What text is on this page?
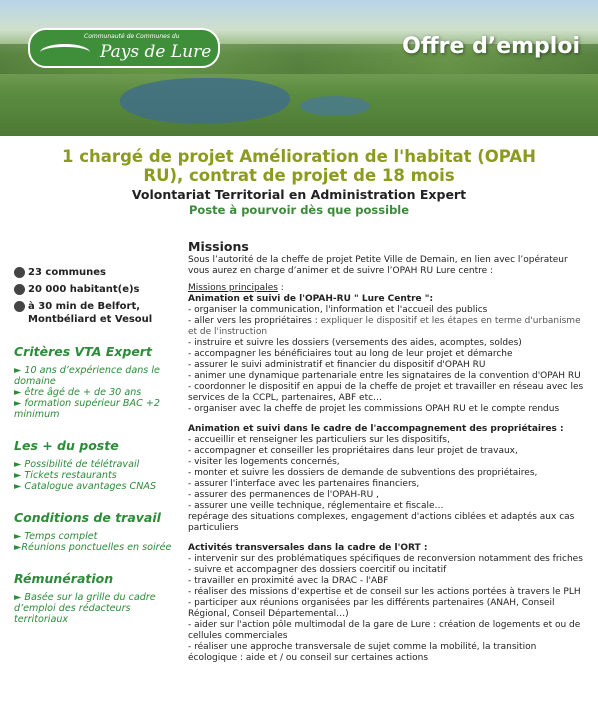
Communauté de Communes du
Pays de Lure	Offre d’emploi
1 chargé de projet Amélioration de l'habitat (OPAH
RU), contrat de projet de 18 mois
Volontariat Territorial en Administration Expert
Poste à pourvoir dès que possible
23 communes
20 000 habitant(e)s
à 30 min de Belfort, Montbéliard et Vesoul
Critères VTA Expert
► 10 ans d’expérience dans le domaine
► être âgé de + de 30 ans
► formation supérieur BAC +2 minimum
Les + du poste
► Possibilité de télétravail
► Tickets restaurants
► Catalogue avantages CNAS
Conditions de travail
► Temps complet
►Réunions ponctuelles en soirée
Rémunération
► Basée sur la grille du cadre d’emploi des rédacteurs territoriaux
Missions
Sous l’autorité de la cheffe de projet Petite Ville de Demain, en lien avec l’opérateur vous aurez en charge d’animer et de suivre l’OPAH RU Lure centre :
Missions principales :
Animation et suivi de l'OPAH-RU " Lure Centre ":
- organiser la communication, l'information et l'accueil des publics
- aller vers les propriétaires : expliquer le dispositif et les étapes en terme d'urbanisme et de l'instruction
- instruire et suivre les dossiers (versements des aides, acomptes, soldes)
- accompagner les bénéficiaires tout au long de leur projet et démarche
- assurer le suivi administratif et financier du dispositif d'OPAH RU
- animer une dynamique partenariale entre les signataires de la convention d'OPAH RU
- coordonner le dispositif en appui de la cheffe de projet et travailler en réseau avec les services de la CCPL, partenaires, ABF etc…
- organiser avec la cheffe de projet les commissions OPAH RU et le compte rendus
Animation et suivi dans le cadre de l'accompagnement des propriétaires :
- accueillir et renseigner les particuliers sur les dispositifs,
- accompagner et conseiller les propriétaires dans leur projet de travaux,
- visiter les logements concernés,
- monter et suivre les dossiers de demande de subventions des propriétaires,
- assurer l'interface avec les partenaires financiers,
- assurer des permanences de l'OPAH-RU ,
- assurer une veille technique, réglementaire et fiscale…
repérage des situations complexes, engagement d'actions ciblées et adaptés aux cas particuliers
Activités transversales dans la cadre de l'ORT :
- intervenir sur des problématiques spécifiques de reconversion notamment des friches
- suivre et accompagner des dossiers coercitif ou incitatif
- travailler en proximité avec la DRAC - l'ABF
- réaliser des missions d'expertise et de conseil sur les actions portées à travers le PLH
- participer aux réunions organisées par les différents partenaires (ANAH, Conseil Régional, Conseil Départemental…)
- aider sur l'action pôle multimodal de la gare de Lure : création de logements et ou de cellules commerciales
- réaliser une approche transversale de sujet comme la mobilité, la transition écologique : aide et / ou conseil sur certaines actions
